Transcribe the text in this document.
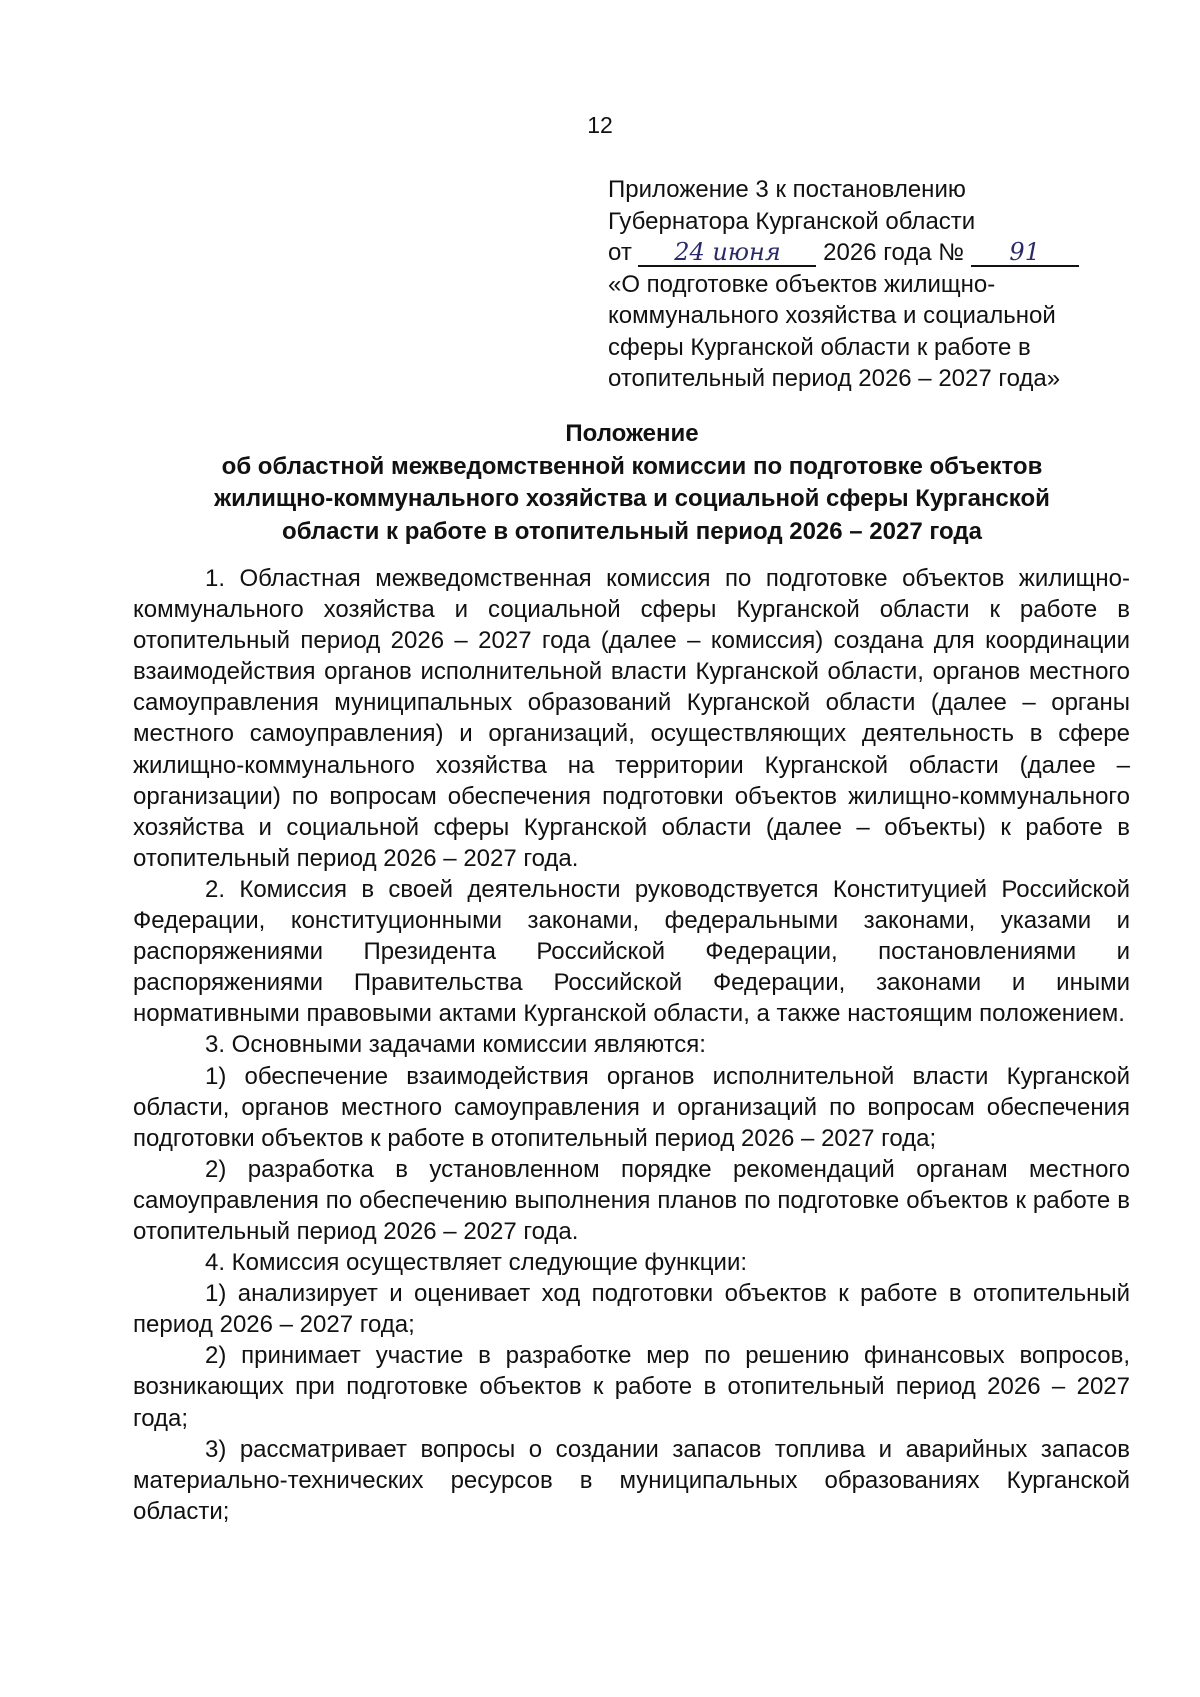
12
Приложение 3 к постановлению
Губернатора Курганской области
от 24 июня 2026 года № 91
«О подготовке объектов жилищно-
коммунального хозяйства и социальной
сферы Курганской области к работе в
отопительный период 2026 – 2027 года»
Положение
об областной межведомственной комиссии по подготовке объектов
жилищно-коммунального хозяйства и социальной сферы Курганской
области к работе в отопительный период 2026 – 2027 года

1. Областная межведомственная комиссия по подготовке объектов жилищно-коммунального хозяйства и социальной сферы Курганской области к работе в отопительный период 2026 – 2027 года (далее – комиссия) создана для координации взаимодействия органов исполнительной власти Курганской области, органов местного самоуправления муниципальных образований Курганской области (далее – органы местного самоуправления) и организаций, осуществляющих деятельность в сфере жилищно-коммунального хозяйства на территории Курганской области (далее – организации) по вопросам обеспечения подготовки объектов жилищно-коммунального хозяйства и социальной сферы Курганской области (далее – объекты) к работе в отопительный период 2026 – 2027 года.

2. Комиссия в своей деятельности руководствуется Конституцией Российской Федерации, конституционными законами, федеральными законами, указами и распоряжениями Президента Российской Федерации, постановлениями и распоряжениями Правительства Российской Федерации, законами и иными нормативными правовыми актами Курганской области, а также настоящим положением.

3. Основными задачами комиссии являются:

1) обеспечение взаимодействия органов исполнительной власти Курганской области, органов местного самоуправления и организаций по вопросам обеспечения подготовки объектов к работе в отопительный период 2026 – 2027 года;

2) разработка в установленном порядке рекомендаций органам местного самоуправления по обеспечению выполнения планов по подготовке объектов к работе в отопительный период 2026 – 2027 года.

4. Комиссия осуществляет следующие функции:

1) анализирует и оценивает ход подготовки объектов к работе в отопительный период 2026 – 2027 года;

2) принимает участие в разработке мер по решению финансовых вопросов, возникающих при подготовке объектов к работе в отопительный период 2026 – 2027 года;

3) рассматривает вопросы о создании запасов топлива и аварийных запасов материально-технических ресурсов в муниципальных образованиях Курганской области;
